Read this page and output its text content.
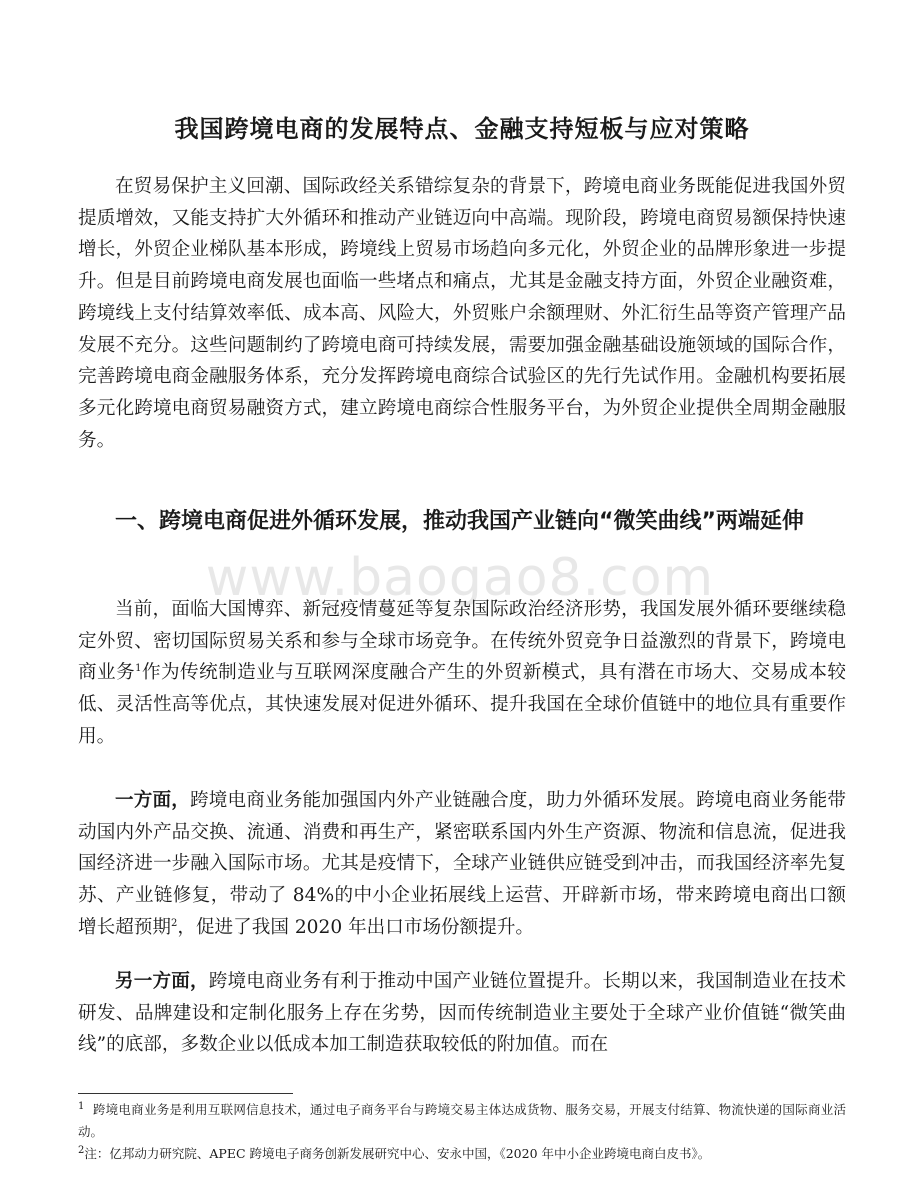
www.baogao8.com
我国跨境电商的发展特点、金融支持短板与应对策略

在贸易保护主义回潮、国际政经关系错综复杂的背景下，跨境电商业务既能促进我国外贸提质增效，又能支持扩大外循环和推动产业链迈向中高端。现阶段，跨境电商贸易额保持快速增长，外贸企业梯队基本形成，跨境线上贸易市场趋向多元化，外贸企业的品牌形象进一步提升。但是目前跨境电商发展也面临一些堵点和痛点，尤其是金融支持方面，外贸企业融资难，跨境线上支付结算效率低、成本高、风险大，外贸账户余额理财、外汇衍生品等资产管理产品发展不充分。这些问题制约了跨境电商可持续发展，需要加强金融基础设施领域的国际合作，完善跨境电商金融服务体系，充分发挥跨境电商综合试验区的先行先试作用。金融机构要拓展多元化跨境电商贸易融资方式，建立跨境电商综合性服务平台，为外贸企业提供全周期金融服务。

一、跨境电商促进外循环发展，推动我国产业链向“微笑曲线”两端延伸

当前，面临大国博弈、新冠疫情蔓延等复杂国际政治经济形势，我国发展外循环要继续稳定外贸、密切国际贸易关系和参与全球市场竞争。在传统外贸竞争日益激烈的背景下，跨境电商业务$^1$作为传统制造业与互联网深度融合产生的外贸新模式，具有潜在市场大、交易成本较低、灵活性高等优点，其快速发展对促进外循环、提升我国在全球价值链中的地位具有重要作用。

一方面，跨境电商业务能加强国内外产业链融合度，助力外循环发展。跨境电商业务能带动国内外产品交换、流通、消费和再生产，紧密联系国内外生产资源、物流和信息流，促进我国经济进一步融入国际市场。尤其是疫情下，全球产业链供应链受到冲击，而我国经济率先复苏、产业链修复，带动了 84%的中小企业拓展线上运营、开辟新市场，带来跨境电商出口额增长超预期$^2$，促进了我国 2020 年出口市场份额提升。

另一方面，跨境电商业务有利于推动中国产业链位置提升。长期以来，我国制造业在技术研发、品牌建设和定制化服务上存在劣势，因而传统制造业主要处于全球产业价值链“微笑曲线”的底部，多数企业以低成本加工制造获取较低的附加值。而在

$^1$ 跨境电商业务是利用互联网信息技术，通过电子商务平台与跨境交易主体达成货物、服务交易，开展支付结算、物流快递的国际商业活动。

$^2$注：亿邦动力研究院、APEC 跨境电子商务创新发展研究中心、安永中国，《2020 年中小企业跨境电商白皮书》。
